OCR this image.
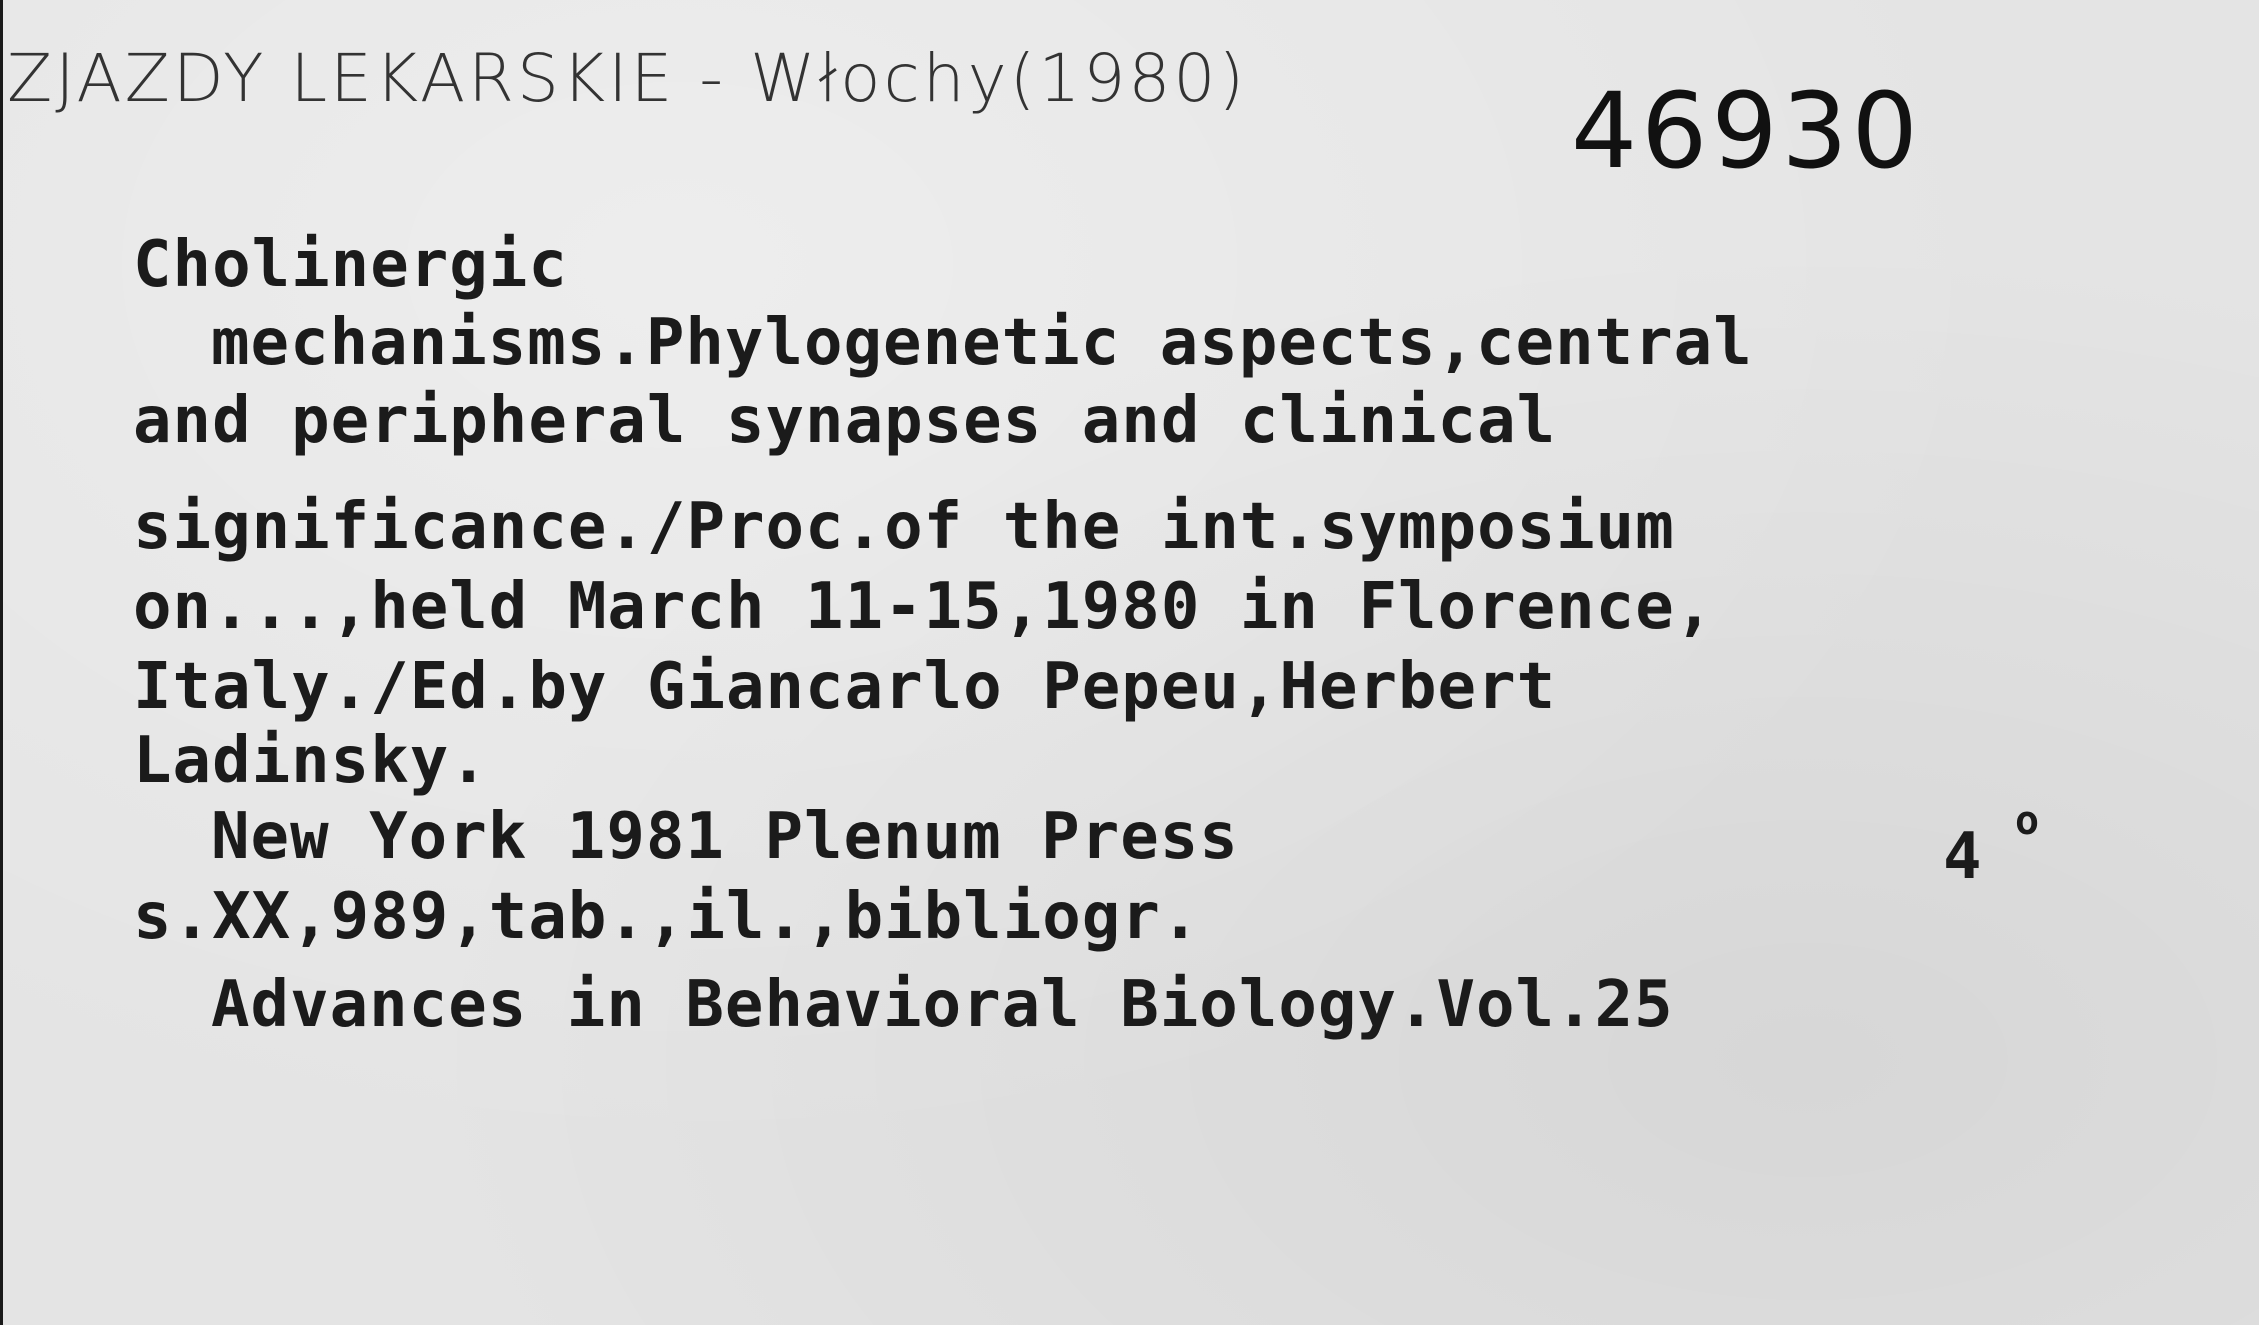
ZJAZDY LEKARSKIE - Włochy(1980)	46930
Cholinergic
mechanisms.Phylogenetic aspects,central
and peripheral synapses and clinical
significance./Proc.of the int.symposium
on...,held March 11-15,1980 in Florence,
Italy./Ed.by Giancarlo Pepeu,Herbert
Ladinsky.
New York 1981 Plenum Press	4 o
s.XX,989,tab.,il.,bibliogr.
Advances in Behavioral Biology.Vol.25
